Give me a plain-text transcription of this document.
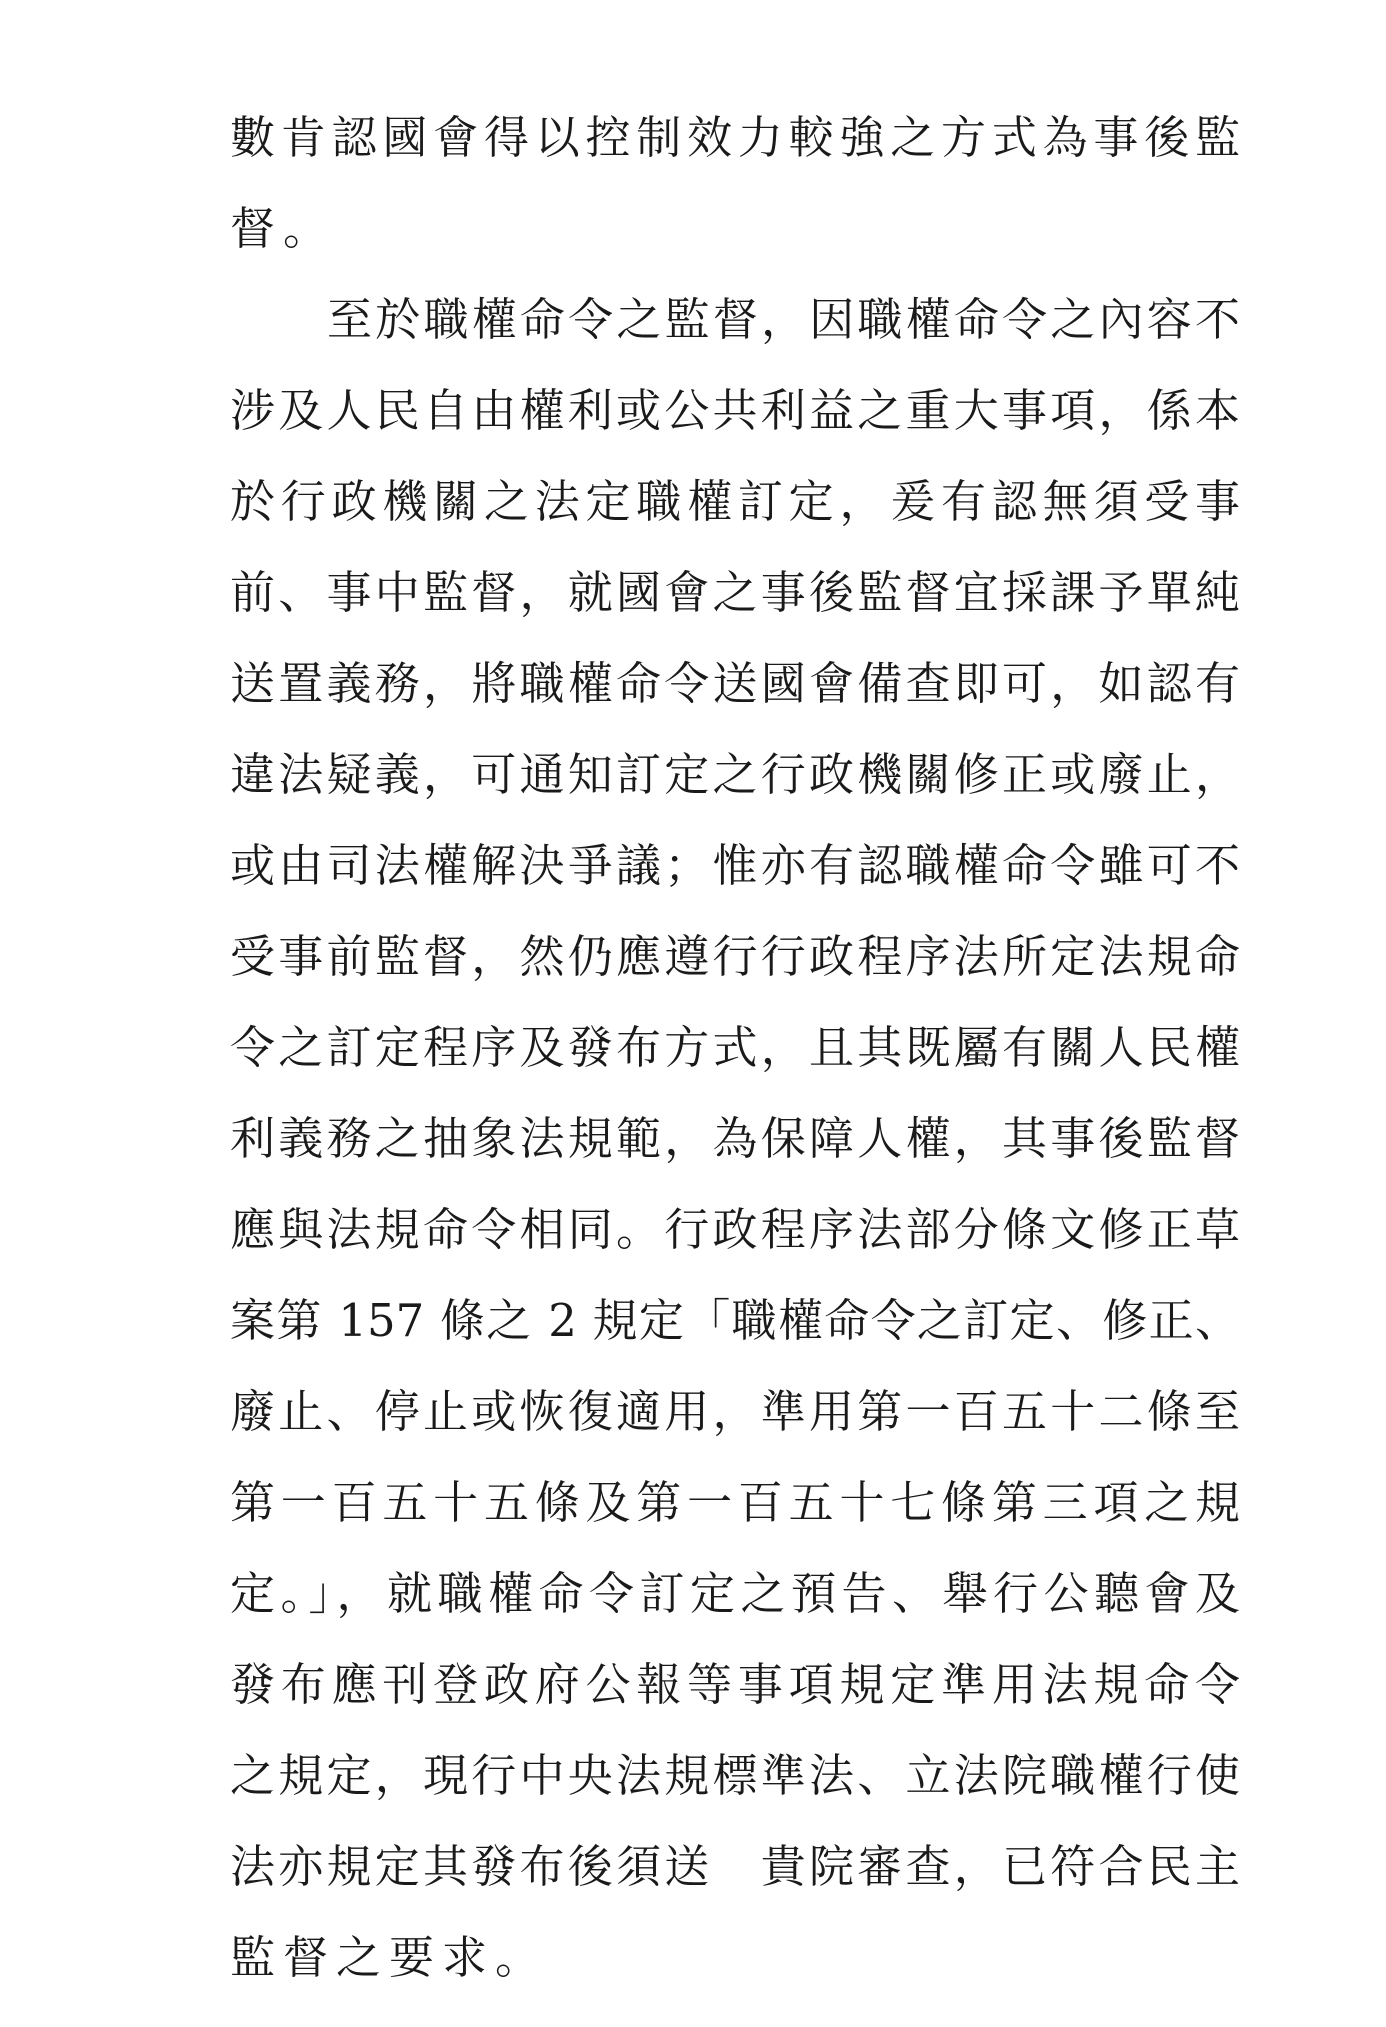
數肯認國會得以控制效力較強之方式為事後監
督。
至於職權命令之監督，因職權命令之內容不
涉及人民自由權利或公共利益之重大事項，係本
於行政機關之法定職權訂定，爰有認無須受事
前、事中監督，就國會之事後監督宜採課予單純
送置義務，將職權命令送國會備查即可，如認有
違法疑義，可通知訂定之行政機關修正或廢止，
或由司法權解決爭議；惟亦有認職權命令雖可不
受事前監督，然仍應遵行行政程序法所定法規命
令之訂定程序及發布方式，且其既屬有關人民權
利義務之抽象法規範，為保障人權，其事後監督
應與法規命令相同。行政程序法部分條文修正草
案第 157 條之 2 規定「職權命令之訂定、修正、
廢止、停止或恢復適用，準用第一百五十二條至
第一百五十五條及第一百五十七條第三項之規
定。」，就職權命令訂定之預告、舉行公聽會及
發布應刊登政府公報等事項規定準用法規命令
之規定，現行中央法規標準法、立法院職權行使
法亦規定其發布後須送　貴院審查，已符合民主
監督之要求。
